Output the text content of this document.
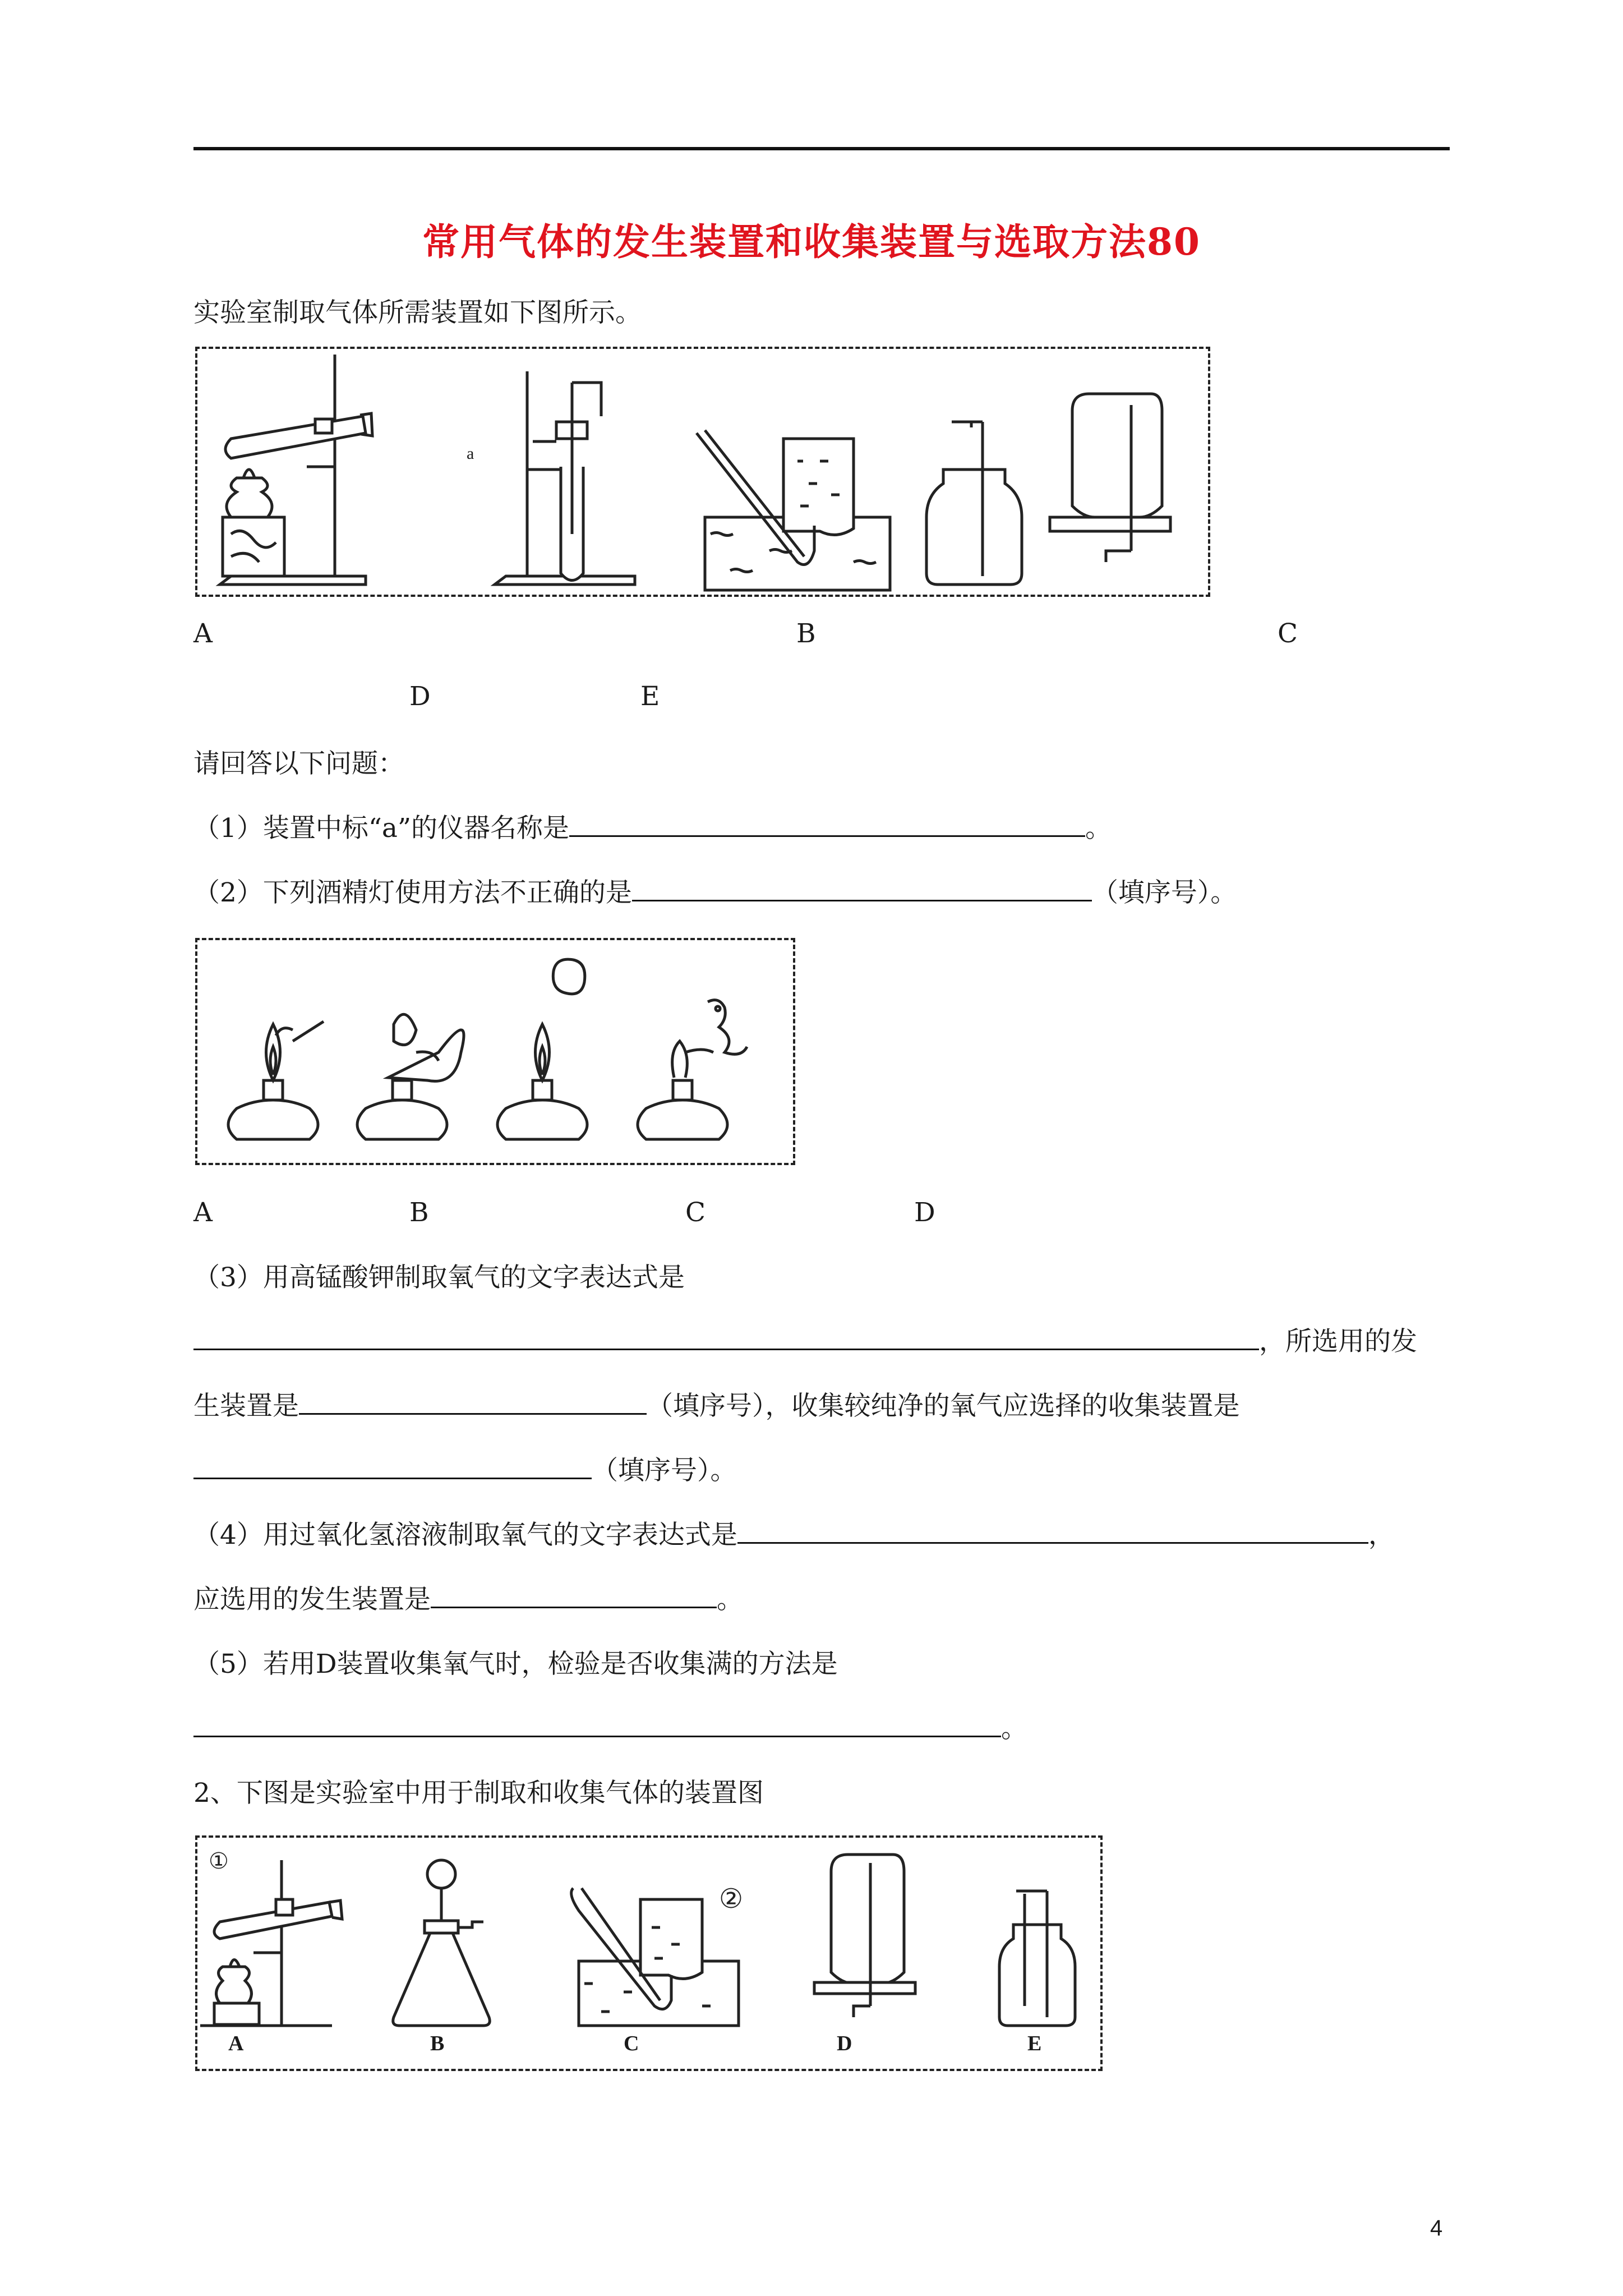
常用气体的发生装置和收集装置与选取方法80
实验室制取气体所需装置如下图所示。
a
A	B	C
D	E
请回答以下问题：
（1）装置中标“a”的仪器名称是	。
（2）下列酒精灯使用方法不正确的是	（填序号）。
A	B	C	D
（3）用高锰酸钾制取氧气的文字表达式是
，所选用的发
生装置是	（填序号），收集较纯净的氧气应选择的收集装置是
（填序号）。
（4）用过氧化氢溶液制取氧气的文字表达式是	，
应选用的发生装置是	。
（5）若用D装置收集氧气时，检验是否收集满的方法是
。
2、下图是实验室中用于制取和收集气体的装置图
①
②
A	B	C	D	E
4
